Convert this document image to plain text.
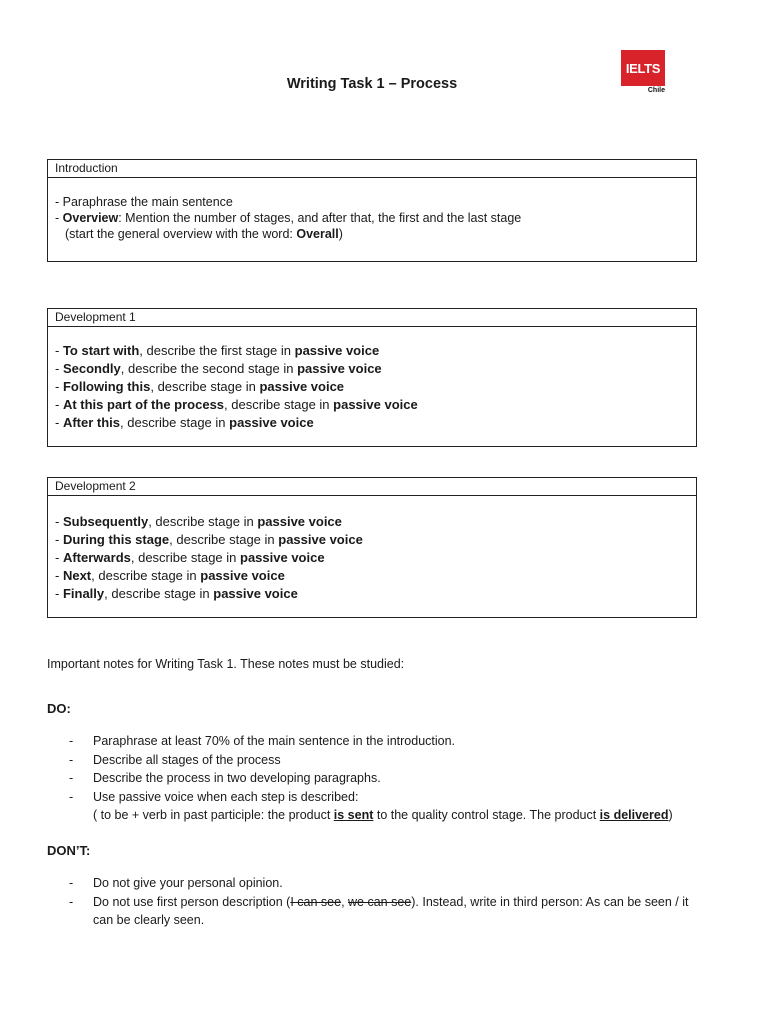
Writing Task 1 – Process
IELTS
Chile
Introduction
- Paraphrase the main sentence
- Overview: Mention the number of stages, and after that, the first and the last stage
(start the general overview with the word: Overall)
Development 1
- To start with, describe the first stage in passive voice
- Secondly, describe the second stage in passive voice
- Following this, describe stage in passive voice
- At this part of the process, describe stage in passive voice
- After this, describe stage in passive voice
Development 2
- Subsequently, describe stage in passive voice
- During this stage, describe stage in passive voice
- Afterwards, describe stage in passive voice
- Next, describe stage in passive voice
- Finally, describe stage in passive voice
Important notes for Writing Task 1. These notes must be studied:
DO:
-	Paraphrase at least 70% of the main sentence in the introduction.
-	Describe all stages of the process
-	Describe the process in two developing paragraphs.
-	Use passive voice when each step is described:
( to be + verb in past participle: the product is sent to the quality control stage. The product is delivered)
DON’T:
-	Do not give your personal opinion.
-	Do not use first person description (I can see, we can see). Instead, write in third person: As can be seen / it
can be clearly seen.
